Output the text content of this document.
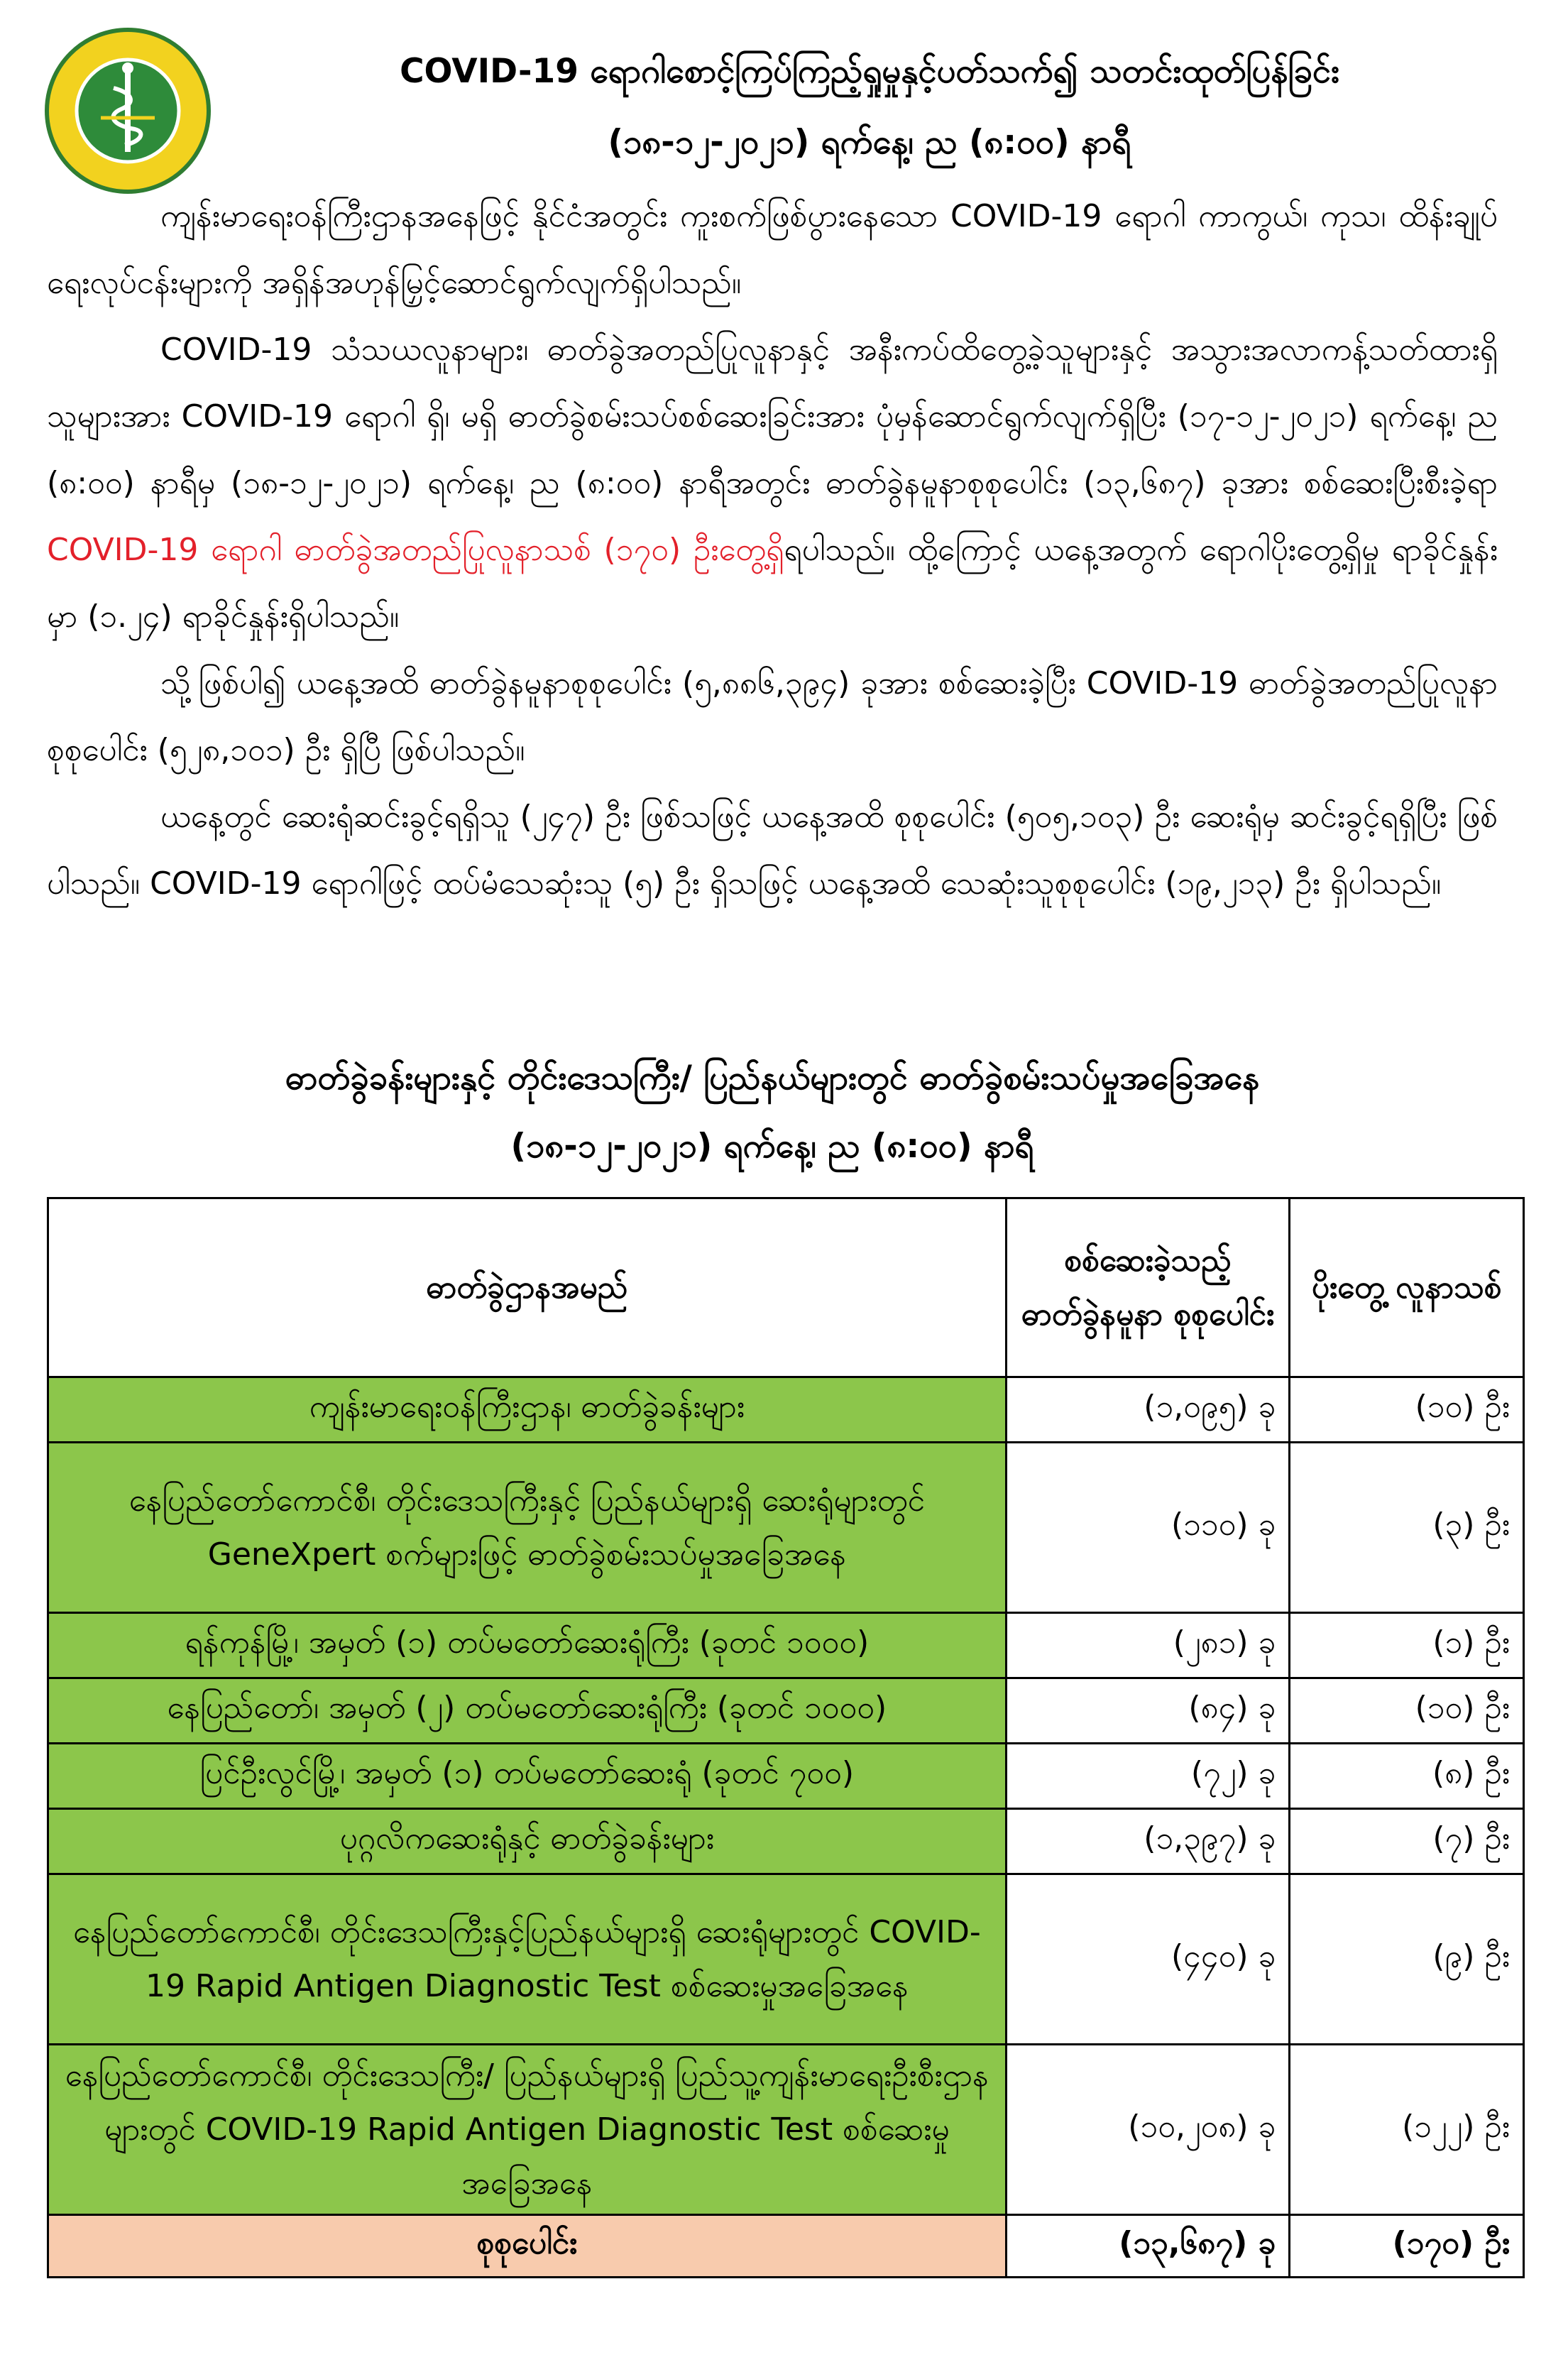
COVID-19 ရောဂါစောင့်ကြပ်ကြည့်ရှုမှုနှင့်ပတ်သက်၍ သတင်းထုတ်ပြန်ခြင်း
(၁၈-၁၂-၂၀၂၁) ရက်နေ့၊ ည (၈:၀၀) နာရီ

ကျန်းမာရေးဝန်ကြီးဌာနအနေဖြင့် နိုင်ငံအတွင်း ကူးစက်ဖြစ်ပွားနေသော COVID-19 ရောဂါ ကာကွယ်၊ ကုသ၊ ထိန်းချုပ်ရေးလုပ်ငန်းများကို အရှိန်အဟုန်မြှင့်ဆောင်ရွက်လျက်ရှိပါသည်။

COVID-19 သံသယလူနာများ၊ ဓာတ်ခွဲအတည်ပြုလူနာနှင့် အနီးကပ်ထိတွေ့ခဲ့သူများနှင့် အသွားအလာကန့်သတ်ထားရှိသူများအား COVID-19 ရောဂါ ရှိ၊ မရှိ ဓာတ်ခွဲစမ်းသပ်စစ်ဆေးခြင်းအား ပုံမှန်ဆောင်ရွက်လျက်ရှိပြီး (၁၇-၁၂-၂၀၂၁) ရက်နေ့၊ ည (၈:၀၀) နာရီမှ (၁၈-၁၂-၂၀၂၁) ရက်နေ့၊ ည (၈:၀၀) နာရီအတွင်း ဓာတ်ခွဲနမူနာစုစုပေါင်း (၁၃,၆၈၇) ခုအား စစ်ဆေးပြီးစီးခဲ့ရာ COVID-19 ရောဂါ ဓာတ်ခွဲအတည်ပြုလူနာသစ် (၁၇၀) ဦးတွေ့ရှိရပါသည်။ ထို့ကြောင့် ယနေ့အတွက် ရောဂါပိုးတွေ့ရှိမှု ရာခိုင်နှုန်းမှာ (၁.၂၄) ရာခိုင်နှုန်းရှိပါသည်။

သို့ဖြစ်ပါ၍ ယနေ့အထိ ဓာတ်ခွဲနမူနာစုစုပေါင်း (၅,၈၈၆,၃၉၄) ခုအား စစ်ဆေးခဲ့ပြီး COVID-19 ဓာတ်ခွဲအတည်ပြုလူနာ စုစုပေါင်း (၅၂၈,၁၀၁) ဦး ရှိပြီ ဖြစ်ပါသည်။

ယနေ့တွင် ဆေးရုံဆင်းခွင့်ရရှိသူ (၂၄၇) ဦး ဖြစ်သဖြင့် ယနေ့အထိ စုစုပေါင်း (၅၀၅,၁၀၃) ဦး ဆေးရုံမှ ဆင်းခွင့်ရရှိပြီး ဖြစ်ပါသည်။ COVID-19 ရောဂါဖြင့် ထပ်မံသေဆုံးသူ (၅) ဦး ရှိသဖြင့် ယနေ့အထိ သေဆုံးသူစုစုပေါင်း (၁၉,၂၁၃) ဦး ရှိပါသည်။

ဓာတ်ခွဲခန်းများနှင့် တိုင်းဒေသကြီး/ ပြည်နယ်များတွင် ဓာတ်ခွဲစမ်းသပ်မှုအခြေအနေ
(၁၈-၁၂-၂၀၂၁) ရက်နေ့၊ ည (၈:၀၀) နာရီ
ဓာတ်ခွဲဌာနအမည်	စစ်ဆေးခဲ့သည့် ဓာတ်ခွဲနမူနာ စုစုပေါင်း	ပိုးတွေ့ လူနာသစ်
ကျန်းမာရေးဝန်ကြီးဌာန၊ ဓာတ်ခွဲခန်းများ	(၁,၀၉၅) ခု	(၁၀) ဦး
နေပြည်တော်ကောင်စီ၊ တိုင်းဒေသကြီးနှင့် ပြည်နယ်များရှိ ဆေးရုံများတွင် GeneXpert စက်များဖြင့် ဓာတ်ခွဲစမ်းသပ်မှုအခြေအနေ	(၁၁၀) ခု	(၃) ဦး
ရန်ကုန်မြို့၊ အမှတ် (၁) တပ်မတော်ဆေးရုံကြီး (ခုတင် ၁၀၀၀)	(၂၈၁) ခု	(၁) ဦး
နေပြည်တော်၊ အမှတ် (၂) တပ်မတော်ဆေးရုံကြီး (ခုတင် ၁၀၀၀)	(၈၄) ခု	(၁၀) ဦး
ပြင်ဦးလွင်မြို့၊ အမှတ် (၁) တပ်မတော်ဆေးရုံ (ခုတင် ၇၀၀)	(၇၂) ခု	(၈) ဦး
ပုဂ္ဂလိကဆေးရုံနှင့် ဓာတ်ခွဲခန်းများ	(၁,၃၉၇) ခု	(၇) ဦး
နေပြည်တော်ကောင်စီ၊ တိုင်းဒေသကြီးနှင့်ပြည်နယ်များရှိ ဆေးရုံများတွင် COVID-19 Rapid Antigen Diagnostic Test စစ်ဆေးမှုအခြေအနေ	(၄၄၀) ခု	(၉) ဦး
နေပြည်တော်ကောင်စီ၊ တိုင်းဒေသကြီး/ ပြည်နယ်များရှိ ပြည်သူ့ကျန်းမာရေးဦးစီးဌာနများတွင် COVID-19 Rapid Antigen Diagnostic Test စစ်ဆေးမှုအခြေအနေ	(၁၀,၂၀၈) ခု	(၁၂၂) ဦး
စုစုပေါင်း	(၁၃,၆၈၇) ခု	(၁၇၀) ဦး
